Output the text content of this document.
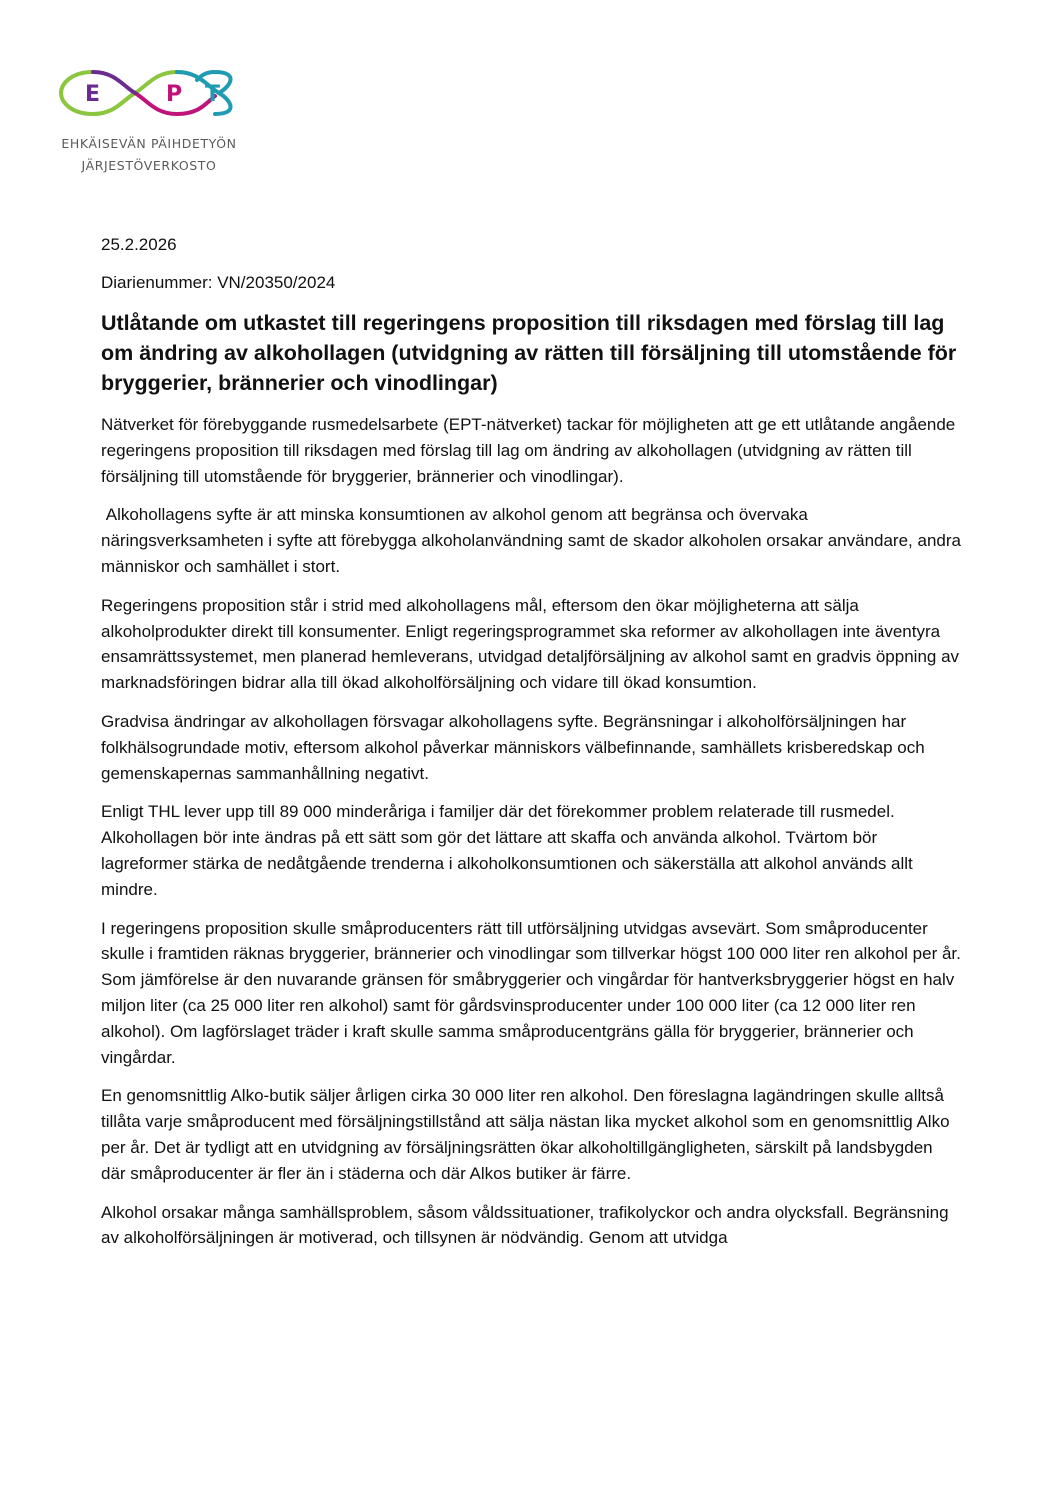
E	P T
EHKÄISEVÄN PÄIHDETYÖN
JÄRJESTÖVERKOSTO
25.2.2026
Diarienummer: VN/20350/2024
Utlåtande om utkastet till regeringens proposition till riksdagen med förslag till lag om ändring av alkohollagen (utvidgning av rätten till försäljning till utomstående för bryggerier, brännerier och vinodlingar)

Nätverket för förebyggande rusmedelsarbete (EPT-nätverket) tackar för möjligheten att ge ett utlåtande angående regeringens proposition till riksdagen med förslag till lag om ändring av alkohollagen (utvidgning av rätten till försäljning till utomstående för bryggerier, brännerier och vinodlingar).

Alkohollagens syfte är att minska konsumtionen av alkohol genom att begränsa och övervaka näringsverksamheten i syfte att förebygga alkoholanvändning samt de skador alkoholen orsakar användare, andra människor och samhället i stort.

Regeringens proposition står i strid med alkohollagens mål, eftersom den ökar möjligheterna att sälja alkoholprodukter direkt till konsumenter. Enligt regeringsprogrammet ska reformer av alkohollagen inte äventyra ensamrättssystemet, men planerad hemleverans, utvidgad detaljförsäljning av alkohol samt en gradvis öppning av marknadsföringen bidrar alla till ökad alkoholförsäljning och vidare till ökad konsumtion.

Gradvisa ändringar av alkohollagen försvagar alkohollagens syfte. Begränsningar i alkoholförsäljningen har folkhälsogrundade motiv, eftersom alkohol påverkar människors välbefinnande, samhällets krisberedskap och gemenskapernas sammanhållning negativt.

Enligt THL lever upp till 89 000 minderåriga i familjer där det förekommer problem relaterade till rusmedel. Alkohollagen bör inte ändras på ett sätt som gör det lättare att skaffa och använda alkohol. Tvärtom bör lagreformer stärka de nedåtgående trenderna i alkoholkonsumtionen och säkerställa att alkohol används allt mindre.

I regeringens proposition skulle småproducenters rätt till utförsäljning utvidgas avsevärt. Som småproducenter skulle i framtiden räknas bryggerier, brännerier och vinodlingar som tillverkar högst 100 000 liter ren alkohol per år. Som jämförelse är den nuvarande gränsen för småbryggerier och vingårdar för hantverksbryggerier högst en halv miljon liter (ca 25 000 liter ren alkohol) samt för gårdsvinsproducenter under 100 000 liter (ca 12 000 liter ren alkohol). Om lagförslaget träder i kraft skulle samma småproducentgräns gälla för bryggerier, brännerier och vingårdar.

En genomsnittlig Alko-butik säljer årligen cirka 30 000 liter ren alkohol. Den föreslagna lagändringen skulle alltså tillåta varje småproducent med försäljningstillstånd att sälja nästan lika mycket alkohol som en genomsnittlig Alko per år. Det är tydligt att en utvidgning av försäljningsrätten ökar alkoholtillgängligheten, särskilt på landsbygden där småproducenter är fler än i städerna och där Alkos butiker är färre.

Alkohol orsakar många samhällsproblem, såsom våldssituationer, trafikolyckor och andra olycksfall. Begränsning av alkoholförsäljningen är motiverad, och tillsynen är nödvändig. Genom att utvidga
